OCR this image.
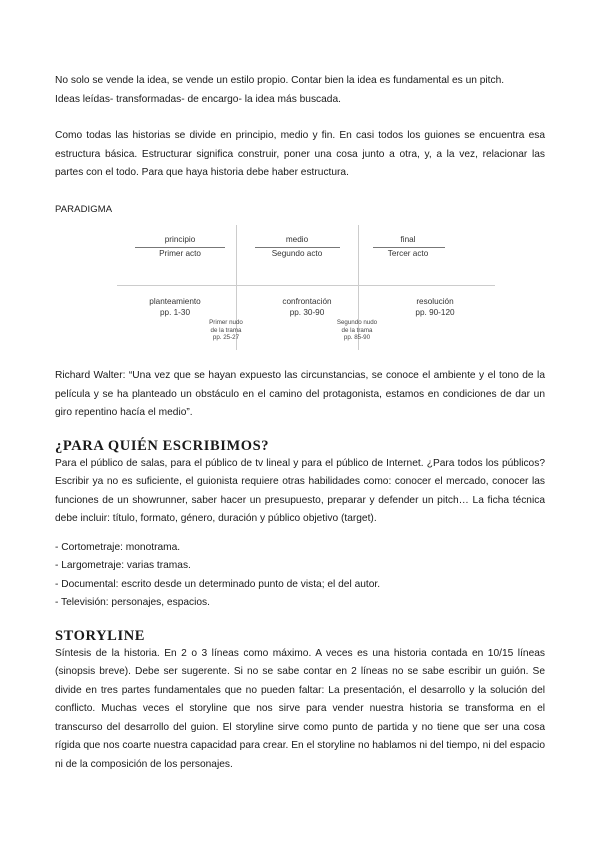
No solo se vende la idea, se vende un estilo propio. Contar bien la idea es fundamental es un pitch.

Ideas leídas- transformadas- de encargo- la idea más buscada.

Como todas las historias se divide en principio, medio y fin. En casi todos los guiones se encuentra esa estructura básica. Estructurar significa construir, poner una cosa junto a otra, y, a la vez, relacionar las partes con el todo. Para que haya historia debe haber estructura.

PARADIGMA

principio
Primer acto
medio
Segundo acto
final
Tercer acto
planteamiento
pp. 1-30
confrontación
pp. 30-90
resolución
pp. 90-120
Primer nudo
de la trama
pp. 25-27
Segundo nudo
de la trama
pp. 85-90

Richard Walter: “Una vez que se hayan expuesto las circunstancias, se conoce el ambiente y el tono de la película y se ha planteado un obstáculo en el camino del protagonista, estamos en condiciones de dar un giro repentino hacía el medio”.

¿PARA QUIÉN ESCRIBIMOS?

Para el público de salas, para el público de tv lineal y para el público de Internet. ¿Para todos los públicos? Escribir ya no es suficiente, el guionista requiere otras habilidades como: conocer el mercado, conocer las funciones de un showrunner, saber hacer un presupuesto, preparar y defender un pitch… La ficha técnica debe incluir: título, formato, género, duración y público objetivo (target).

- Cortometraje: monotrama.
- Largometraje: varias tramas.
- Documental: escrito desde un determinado punto de vista; el del autor.
- Televisión: personajes, espacios.
STORYLINE

Síntesis de la historia. En 2 o 3 líneas como máximo. A veces es una historia contada en 10/15 líneas (sinopsis breve). Debe ser sugerente. Si no se sabe contar en 2 líneas no se sabe escribir un guión. Se divide en tres partes fundamentales que no pueden faltar: La presentación, el desarrollo y la solución del conflicto. Muchas veces el storyline que nos sirve para vender nuestra historia se transforma en el transcurso del desarrollo del guion. El storyline sirve como punto de partida y no tiene que ser una cosa rígida que nos coarte nuestra capacidad para crear. En el storyline no hablamos ni del tiempo, ni del espacio ni de la composición de los personajes.
